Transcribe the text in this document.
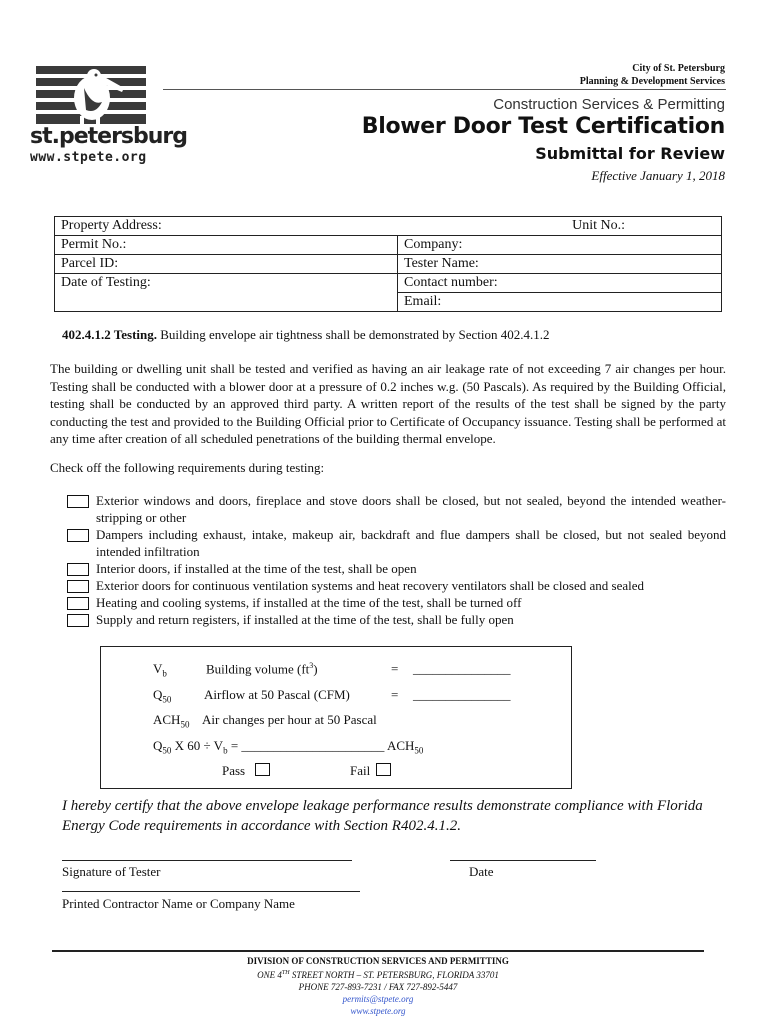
st.petersburg
www.stpete.org
City of St. Petersburg
Planning & Development Services
Construction Services & Permitting
Blower Door Test Certification
Submittal for Review
Effective January 1, 2018
Property Address: Unit No.:	

Permit No.:	Company:
Parcel ID:	Tester Name:
Date of Testing:	Contact number:
	Email:
402.4.1.2 Testing. Building envelope air tightness shall be demonstrated by Section 402.4.1.2
The building or dwelling unit shall be tested and verified as having an air leakage rate of not exceeding 7 air changes per hour. Testing shall be conducted with a blower door at a pressure of 0.2 inches w.g. (50 Pascals). As required by the Building Official, testing shall be conducted by an approved third party. A written report of the results of the test shall be signed by the party conducting the test and provided to the Building Official prior to Certificate of Occupancy issuance. Testing shall be performed at any time after creation of all scheduled penetrations of the building thermal envelope.
Check off the following requirements during testing:
Exterior windows and doors, fireplace and stove doors shall be closed, but not sealed, beyond the intended weather-stripping or other
Dampers including exhaust, intake, makeup air, backdraft and flue dampers shall be closed, but not sealed beyond intended infiltration
Interior doors, if installed at the time of the test, shall be open
Exterior doors for continuous ventilation systems and heat recovery ventilators shall be closed and sealed
Heating and cooling systems, if installed at the time of the test, shall be turned off
Supply and return registers, if installed at the time of the test, shall be fully open
$V_b$	Building volume $(ft^3)$	= _______________
$Q_{50}$	Airflow at 50 Pascal (CFM)	= _______________
$ACH_{50}$ Air changes per hour at 50 Pascal
$Q_{50}$ X $60 \div V_b$ = ______________________ $ACH_{50}$
Pass	Fail
I hereby certify that the above envelope leakage performance results demonstrate compliance with Florida Energy Code requirements in accordance with Section R402.4.1.2.
Signature of Tester	Date
Printed Contractor Name or Company Name
DIVISION OF CONSTRUCTION SERVICES AND PERMITTING
ONE 4TH STREET NORTH – ST. PETERSBURG, FLORIDA 33701
PHONE 727-893-7231 / FAX 727-892-5447
permits@stpete.org
www.stpete.org
